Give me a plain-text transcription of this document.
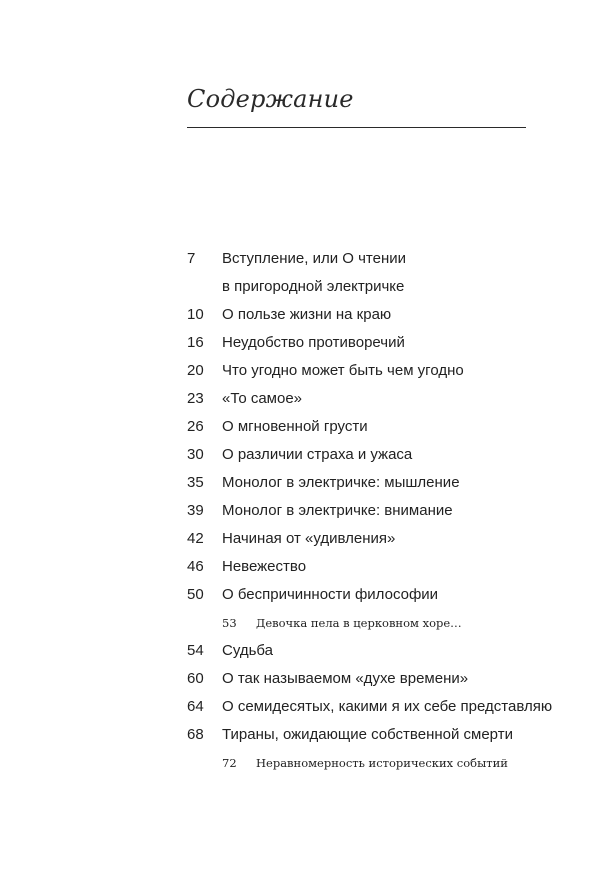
Содержание
7 Вступление, или О чтении
в пригородной электричке
10 О пользе жизни на краю
16 Неудобство противоречий
20 Что угодно может быть чем угодно
23 «То самое»
26 О мгновенной грусти
30 О различии страха и ужаса
35 Монолог в электричке: мышление
39 Монолог в электричке: внимание
42 Начиная от «удивления»
46 Невежество
50 О беспричинности философии
53 Девочка пела в церковном хоре…
54 Судьба
60 О так называемом «духе времени»
64 О семидесятых, какими я их себе представляю
68 Тираны, ожидающие собственной смерти
72 Неравномерность исторических событий
